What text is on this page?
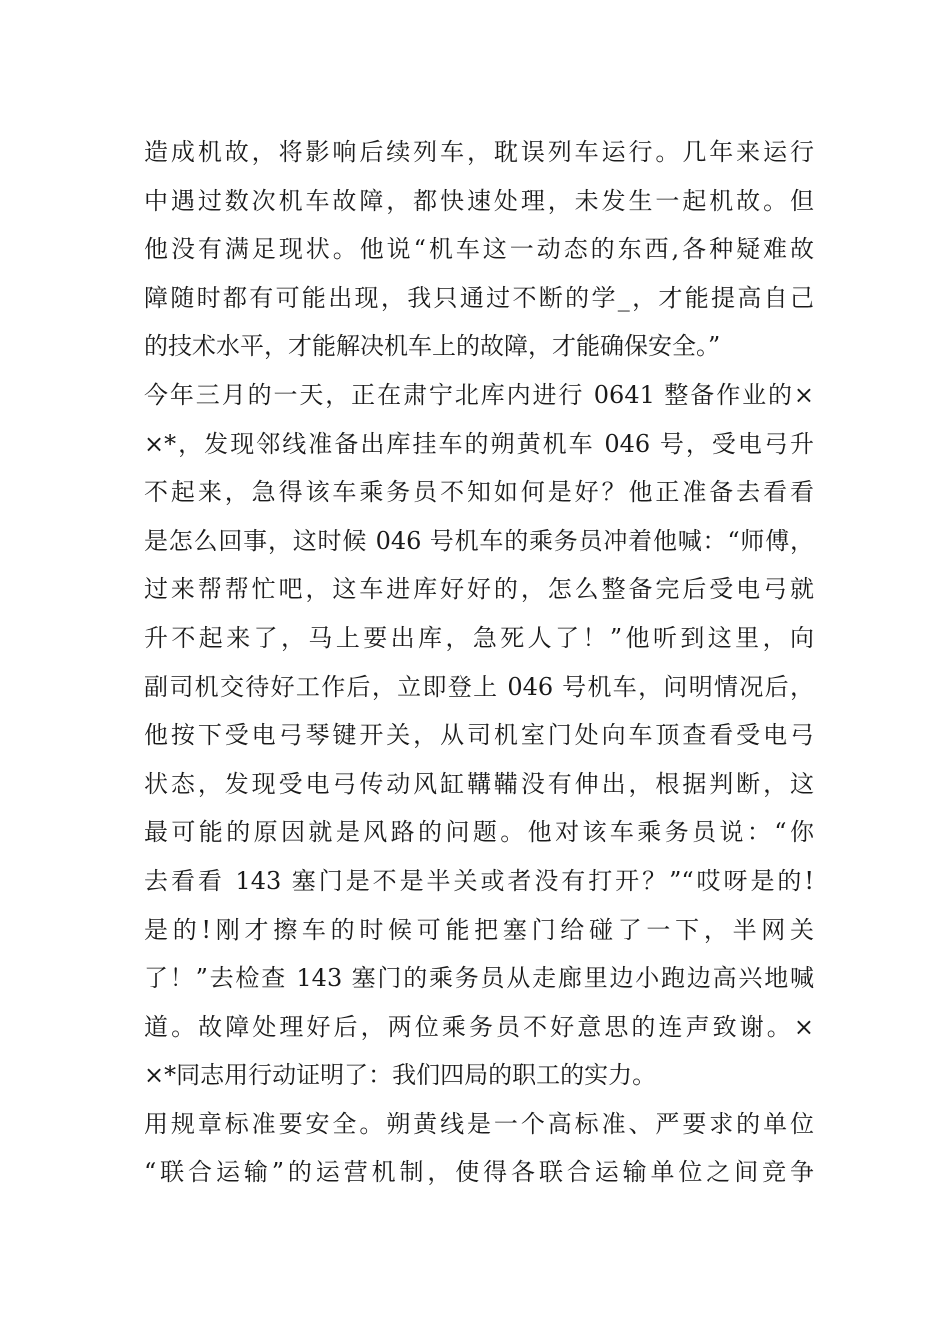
造成机故，将影响后续列车，耽误列车运行。几年来运行
中遇过数次机车故障，都快速处理，未发生一起机故。但
他没有满足现状。他说“机车这一动态的东西,各种疑难故
障随时都有可能出现，我只通过不断的学_，才能提高自己
的技术水平，才能解决机车上的故障，才能确保安全。”
今年三月的一天，正在肃宁北库内进行 0641 整备作业的×
×*，发现邻线准备出库挂车的朔黄机车 046 号，受电弓升
不起来，急得该车乘务员不知如何是好？他正准备去看看
是怎么回事，这时候 046 号机车的乘务员冲着他喊：“师傅，
过来帮帮忙吧，这车进库好好的，怎么整备完后受电弓就
升不起来了，马上要出库，急死人了！”他听到这里，向
副司机交待好工作后，立即登上 046 号机车，问明情况后，
他按下受电弓琴键开关，从司机室门处向车顶查看受电弓
状态，发现受电弓传动风缸鞲鞴没有伸出，根据判断，这
最可能的原因就是风路的问题。他对该车乘务员说：“你
去看看 143 塞门是不是半关或者没有打开？”“哎呀是的!
是的!刚才擦车的时候可能把塞门给碰了一下，半网关
了！”去检查 143 塞门的乘务员从走廊里边小跑边高兴地喊
道。故障处理好后，两位乘务员不好意思的连声致谢。×
×*同志用行动证明了：我们四局的职工的实力。
用规章标准要安全。朔黄线是一个高标准、严要求的单位
“联合运输”的运营机制，使得各联合运输单位之间竞争
